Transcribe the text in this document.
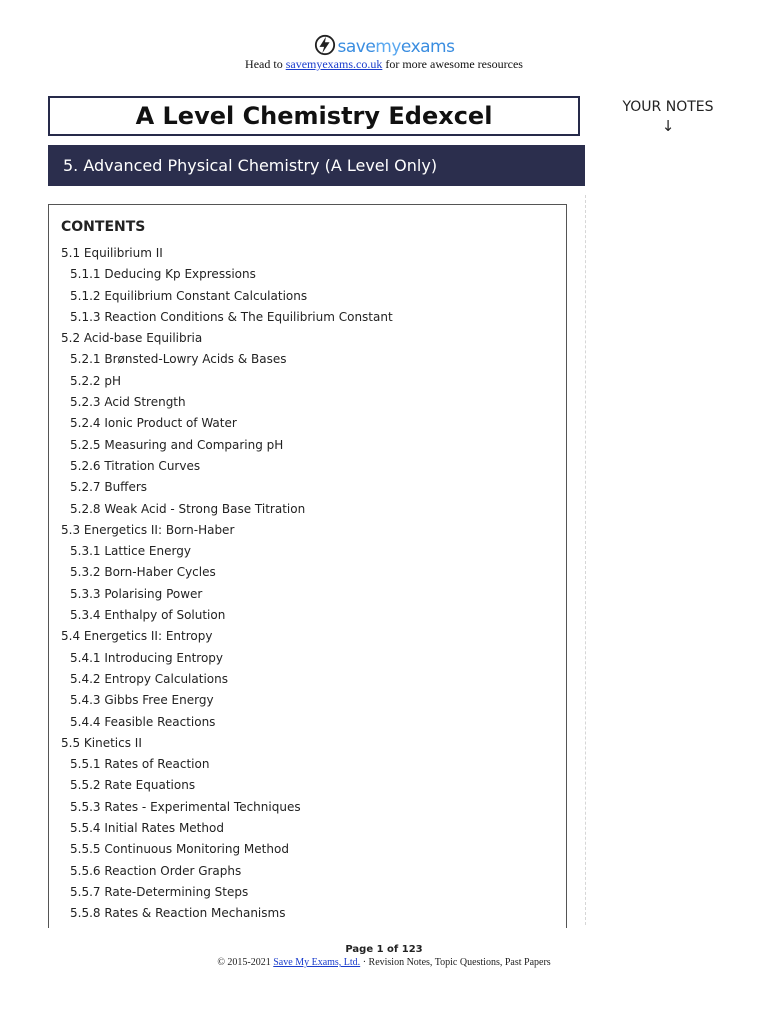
savemyexams
Head to savemyexams.co.uk for more awesome resources
A Level Chemistry Edexcel	YOUR NOTES
↓
5. Advanced Physical Chemistry (A Level Only)
CONTENTS
5.1 Equilibrium II
5.1.1 Deducing Kp Expressions
5.1.2 Equilibrium Constant Calculations
5.1.3 Reaction Conditions & The Equilibrium Constant
5.2 Acid-base Equilibria
5.2.1 Brønsted-Lowry Acids & Bases
5.2.2 pH
5.2.3 Acid Strength
5.2.4 Ionic Product of Water
5.2.5 Measuring and Comparing pH
5.2.6 Titration Curves
5.2.7 Buffers
5.2.8 Weak Acid - Strong Base Titration
5.3 Energetics II: Born-Haber
5.3.1 Lattice Energy
5.3.2 Born-Haber Cycles
5.3.3 Polarising Power
5.3.4 Enthalpy of Solution
5.4 Energetics II: Entropy
5.4.1 Introducing Entropy
5.4.2 Entropy Calculations
5.4.3 Gibbs Free Energy
5.4.4 Feasible Reactions
5.5 Kinetics II
5.5.1 Rates of Reaction
5.5.2 Rate Equations
5.5.3 Rates - Experimental Techniques
5.5.4 Initial Rates Method
5.5.5 Continuous Monitoring Method
5.5.6 Reaction Order Graphs
5.5.7 Rate-Determining Steps
5.5.8 Rates & Reaction Mechanisms
Page 1 of 123
© 2015-2021 Save My Exams, Ltd. · Revision Notes, Topic Questions, Past Papers
